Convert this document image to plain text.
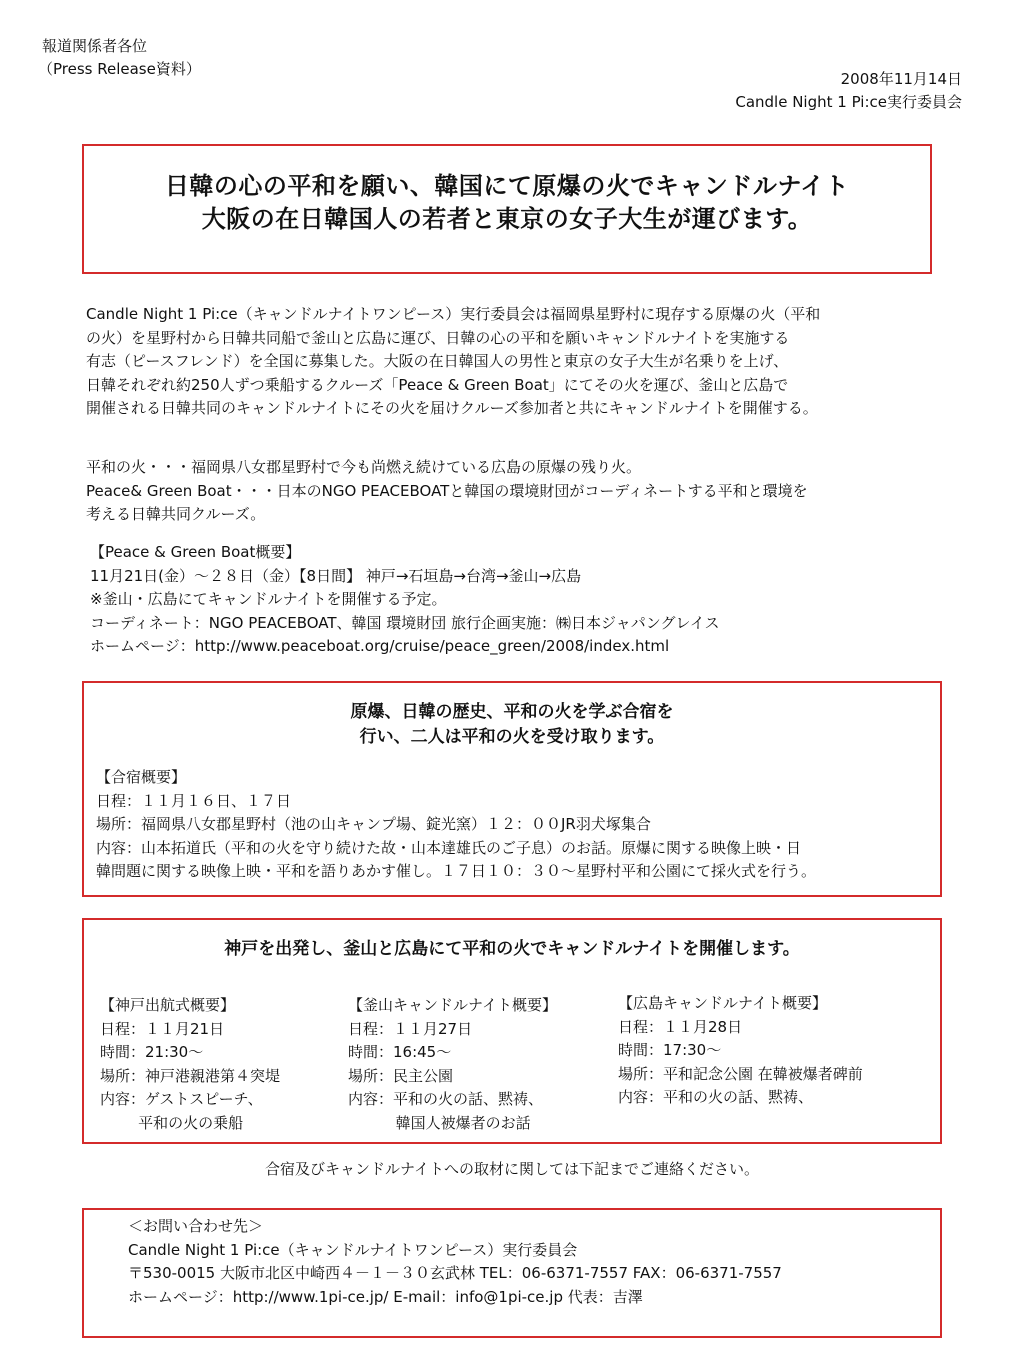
報道関係者各位
（Press Release資料）
2008年11月14日
Candle Night 1 Pi:ce実行委員会
日韓の心の平和を願い、韓国にて原爆の火でキャンドルナイト
大阪の在日韓国人の若者と東京の女子大生が運びます。

Candle Night 1 Pi:ce（キャンドルナイトワンピース）実行委員会は福岡県星野村に現存する原爆の火（平和

の火）を星野村から日韓共同船で釜山と広島に運び、日韓の心の平和を願いキャンドルナイトを実施する

有志（ピースフレンド）を全国に募集した。大阪の在日韓国人の男性と東京の女子大生が名乗りを上げ、

日韓それぞれ約250人ずつ乗船するクルーズ「Peace & Green Boat」にてその火を運び、釜山と広島で

開催される日韓共同のキャンドルナイトにその火を届けクルーズ参加者と共にキャンドルナイトを開催する。

平和の火・・・福岡県八女郡星野村で今も尚燃え続けている広島の原爆の残り火。

Peace& Green Boat・・・日本のNGO PEACEBOATと韓国の環境財団がコーディネートする平和と環境を

考える日韓共同クルーズ。

【Peace & Green Boat概要】
11月21日(金）～２８日（金）【8日間】 神戸→石垣島→台湾→釜山→広島
※釜山・広島にてキャンドルナイトを開催する予定。
コーディネート：NGO PEACEBOAT、韓国 環境財団 旅行企画実施：㈱日本ジャパングレイス
ホームページ：http://www.peaceboat.org/cruise/peace_green/2008/index.html
原爆、日韓の歴史、平和の火を学ぶ合宿を
行い、二人は平和の火を受け取ります。
【合宿概要】
日程：１１月１６日、１７日
場所：福岡県八女郡星野村（池の山キャンプ場、錠光窯）１２：００JR羽犬塚集合
内容：山本拓道氏（平和の火を守り続けた故・山本達雄氏のご子息）のお話。原爆に関する映像上映・日
韓問題に関する映像上映・平和を語りあかす催し。１７日１０：３０～星野村平和公園にて採火式を行う。
神戸を出発し、釜山と広島にて平和の火でキャンドルナイトを開催します。
【神戸出航式概要】
日程：１１月21日
時間：21:30～
場所：神戸港親港第４突堤
内容：ゲストスピーチ、
平和の火の乗船
【釜山キャンドルナイト概要】
日程：１１月27日
時間：16:45～
場所：民主公園
内容：平和の火の話、黙祷、
韓国人被爆者のお話
【広島キャンドルナイト概要】
日程：１１月28日
時間：17:30～
場所：平和記念公園 在韓被爆者碑前
内容：平和の火の話、黙祷、
合宿及びキャンドルナイトへの取材に関しては下記までご連絡ください。
＜お問い合わせ先＞
Candle Night 1 Pi:ce（キャンドルナイトワンピース）実行委員会
〒530-0015 大阪市北区中崎西４－１－３０玄武林 TEL：06-6371-7557 FAX：06-6371-7557
ホームページ：http://www.1pi-ce.jp/ E-mail：info@1pi-ce.jp 代表：吉澤
